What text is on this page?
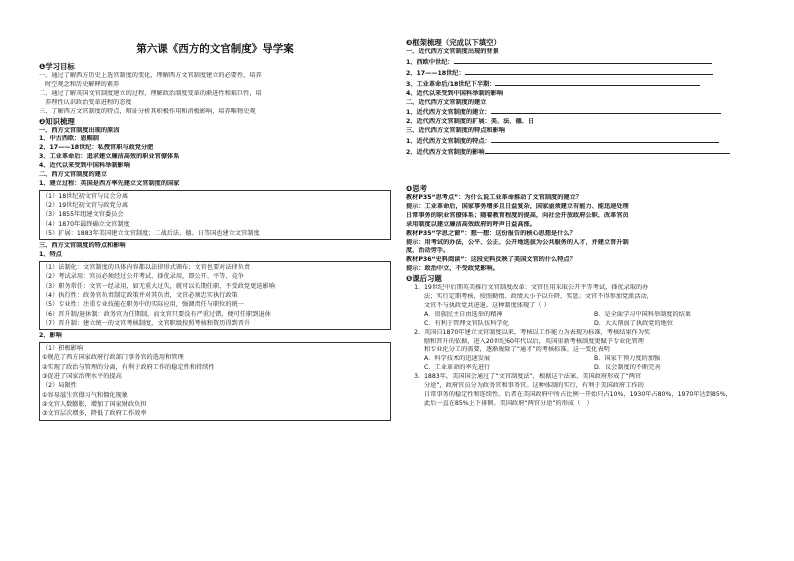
第六课《西方的文官制度》导学案
❶学习目标
一、通过了解西方历史上选官制度的变化，理解西方文官制度建立的必要性，培养
时空观念和历史解释的素养
二、通过了解英国文官制度建立的过程，理解政治制度变革的渐进性和艰巨性，培
养理性认识政治变革进程的态度
三、了解西方文官制度的特点，辩证分析其积极作用和消极影响，培养唯物史观
❷知识梳理
一、西方文官制度出现的原因
1、中古西欧：恩赐制
2、17——18世纪：私授官职与政党分肥
3、工业革命后：追求建立廉洁高效的职业官僚体系
4、近代以来受到中国科举制影响
二、西方文官制度的建立
1、建立过程：英国是西方率先建立文官制度的国家
（1）18世纪初文官与议会分离
（2）19世纪初文官与政党分离
（3）1855年组建文官委员会
（4）1870年最终确立文官制度
（5）扩展：1883年美国建立文官制度；二战后法、德、日等国也建立文官制度
三、西方文官制度的特点和影响
1、特点
（1）法制化：文官制度的具体内容都以法律形式颁布；文官也要对法律负责
（2）考试录用：官员必须经过公开考试，择优录用，即公开、平等、竞争
（3）职务常任：文官一经录用，如无重大过失，就可以长期任职，不受政党更迭影响
（4）执行性：政务官负责制定政策并对其负责，文官必须忠实执行政策
（5）专业性：注重专业技能在职务中的实际应用，强调责任与职位的统一
（6）晋升制/退休制：政务官为任期制，而文官只要没有严重过错，便可任职到退休
（7）晋升制：建立统一的文官考核制度，文官职级按照考核和资历得到晋升
2、影响
（1）积极影响
①规范了西方国家政府行政部门事务官的选用和管理
②实现了政治与管理的分离，有利于政府工作的稳定性和持续性
③促进了国家治理水平的提高
（2）局限性
①容易滋生官僚习气和僵化现象
②文官人数膨胀，增加了国家财政负担
③文官层次增多，降低了政府工作效率
❸框架梳理（完成以下填空）
一、近代西方文官制度出现的背景
1、西欧中世纪：
2、17——18世纪：
3、工业革命后/18世纪下半期：
4、近代以来受到中国科举制的影响
二、近代西方文官制度的建立
1、近代西方文官制度的建立：
2、近代西方文官制度的扩展：美、法、德、日
三、近代西方文官制度的特点和影响
1、近代西方文官制度的特点：
2、近代西方文官制度的影响
❹思考
教材P35“思考点”：为什么说工业革命推动了文官制度的建立？
提示：工业革命后，国家事务增多且日益复杂，国家亟须建立有能力、能迅速处理
日常事务的职业官僚体系；随着教育程度的提高，向社会开放政府公职、改革官员
录用制度以建立廉洁高效政府的呼声日益高涨。
教材P35“学思之窗”：想一想：这份报告的核心思想是什么？
提示：用考试的办法，公平、公正、公开地选拔为公共服务的人才，并建立晋升制
度，治动旁手。
教材P36“史料阅读”：这段史料反映了美国文官的什么特点？
提示：政治中立，不受政党影响。
❺课后习题
1. 19世纪中后期英美推行文官制度改革：文官任用采取公开平等考试，择优录取的办
法；实行定期考核，按照勤惰、政绩大小予以升降，奖惩；文官不得参加党派活动，
文官不与执政党共进退。这种制度体现了（ ）
A．贵族民主自由选举的精神	B．是全面学习中国科举制度的结果
C．有利于管理文官队伍科学化	D．大大削弱了执政党的地位
2. 英国自1870年建立文官制度以来，考核以工作能力为表现为标准，考核结果作为奖
励和晋升的依据，进入20世纪60年代以后，英国重新考核制度更赋予专业化管理
和专业化分工的需要，逐渐废除了“通才”的考核标准。这一变化表明
A．科学技术的迅速发展	B．国家干预力度的加强
C．工业革命的率先进行	D．议会制度的不断完善
3. 1883年，美国国会通过了“文官制度法”，根据这个法案，美国政府形成了“两官
分途”，政府官员分为政务官和事务官。这种体制的实行，有利于美国政府工作的
日常事务的稳定性和连续性。后者在美国政府中所占比例一开始只占10%，1930年占80%，1970年达到85%，
此后一直在85%上下徘徊。美国政府“两官分途”的形成（　）
